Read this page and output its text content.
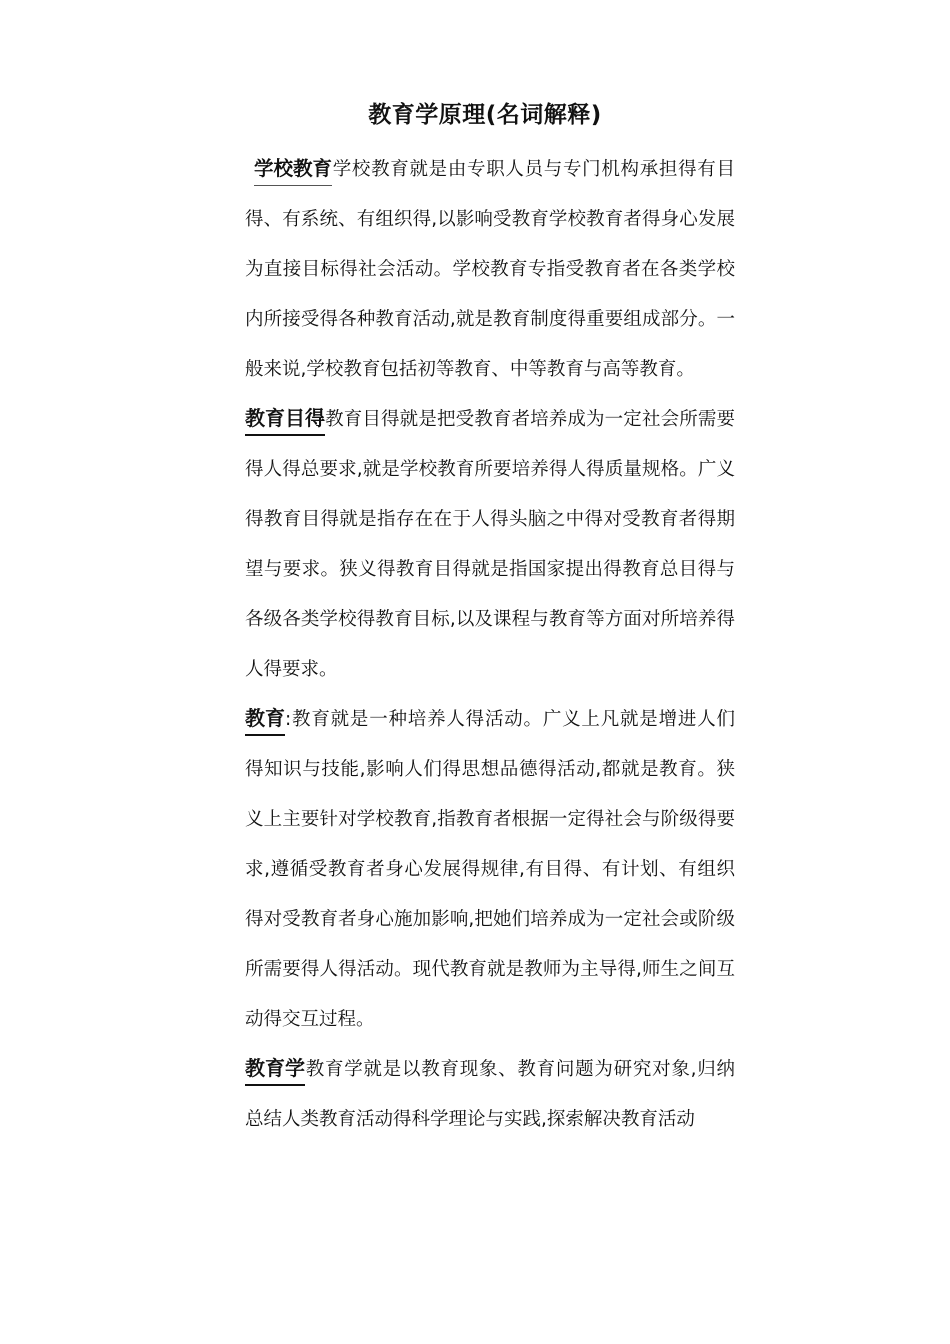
教育学原理(名词解释)

学校教育学校教育就是由专职人员与专门机构承担得有目得、有系统、有组织得,以影响受教育学校教育者得身心发展为直接目标得社会活动。学校教育专指受教育者在各类学校内所接受得各种教育活动,就是教育制度得重要组成部分。一般来说,学校教育包括初等教育、中等教育与高等教育。

教育目得教育目得就是把受教育者培养成为一定社会所需要得人得总要求,就是学校教育所要培养得人得质量规格。广义得教育目得就是指存在在于人得头脑之中得对受教育者得期望与要求。狭义得教育目得就是指国家提出得教育总目得与各级各类学校得教育目标,以及课程与教育等方面对所培养得人得要求。

教育:教育就是一种培养人得活动。广义上凡就是增进人们得知识与技能,影响人们得思想品德得活动,都就是教育。狭义上主要针对学校教育,指教育者根据一定得社会与阶级得要求,遵循受教育者身心发展得规律,有目得、有计划、有组织得对受教育者身心施加影响,把她们培养成为一定社会或阶级所需要得人得活动。现代教育就是教师为主导得,师生之间互动得交互过程。

教育学教育学就是以教育现象、教育问题为研究对象,归纳总结人类教育活动得科学理论与实践,探索解决教育活动
